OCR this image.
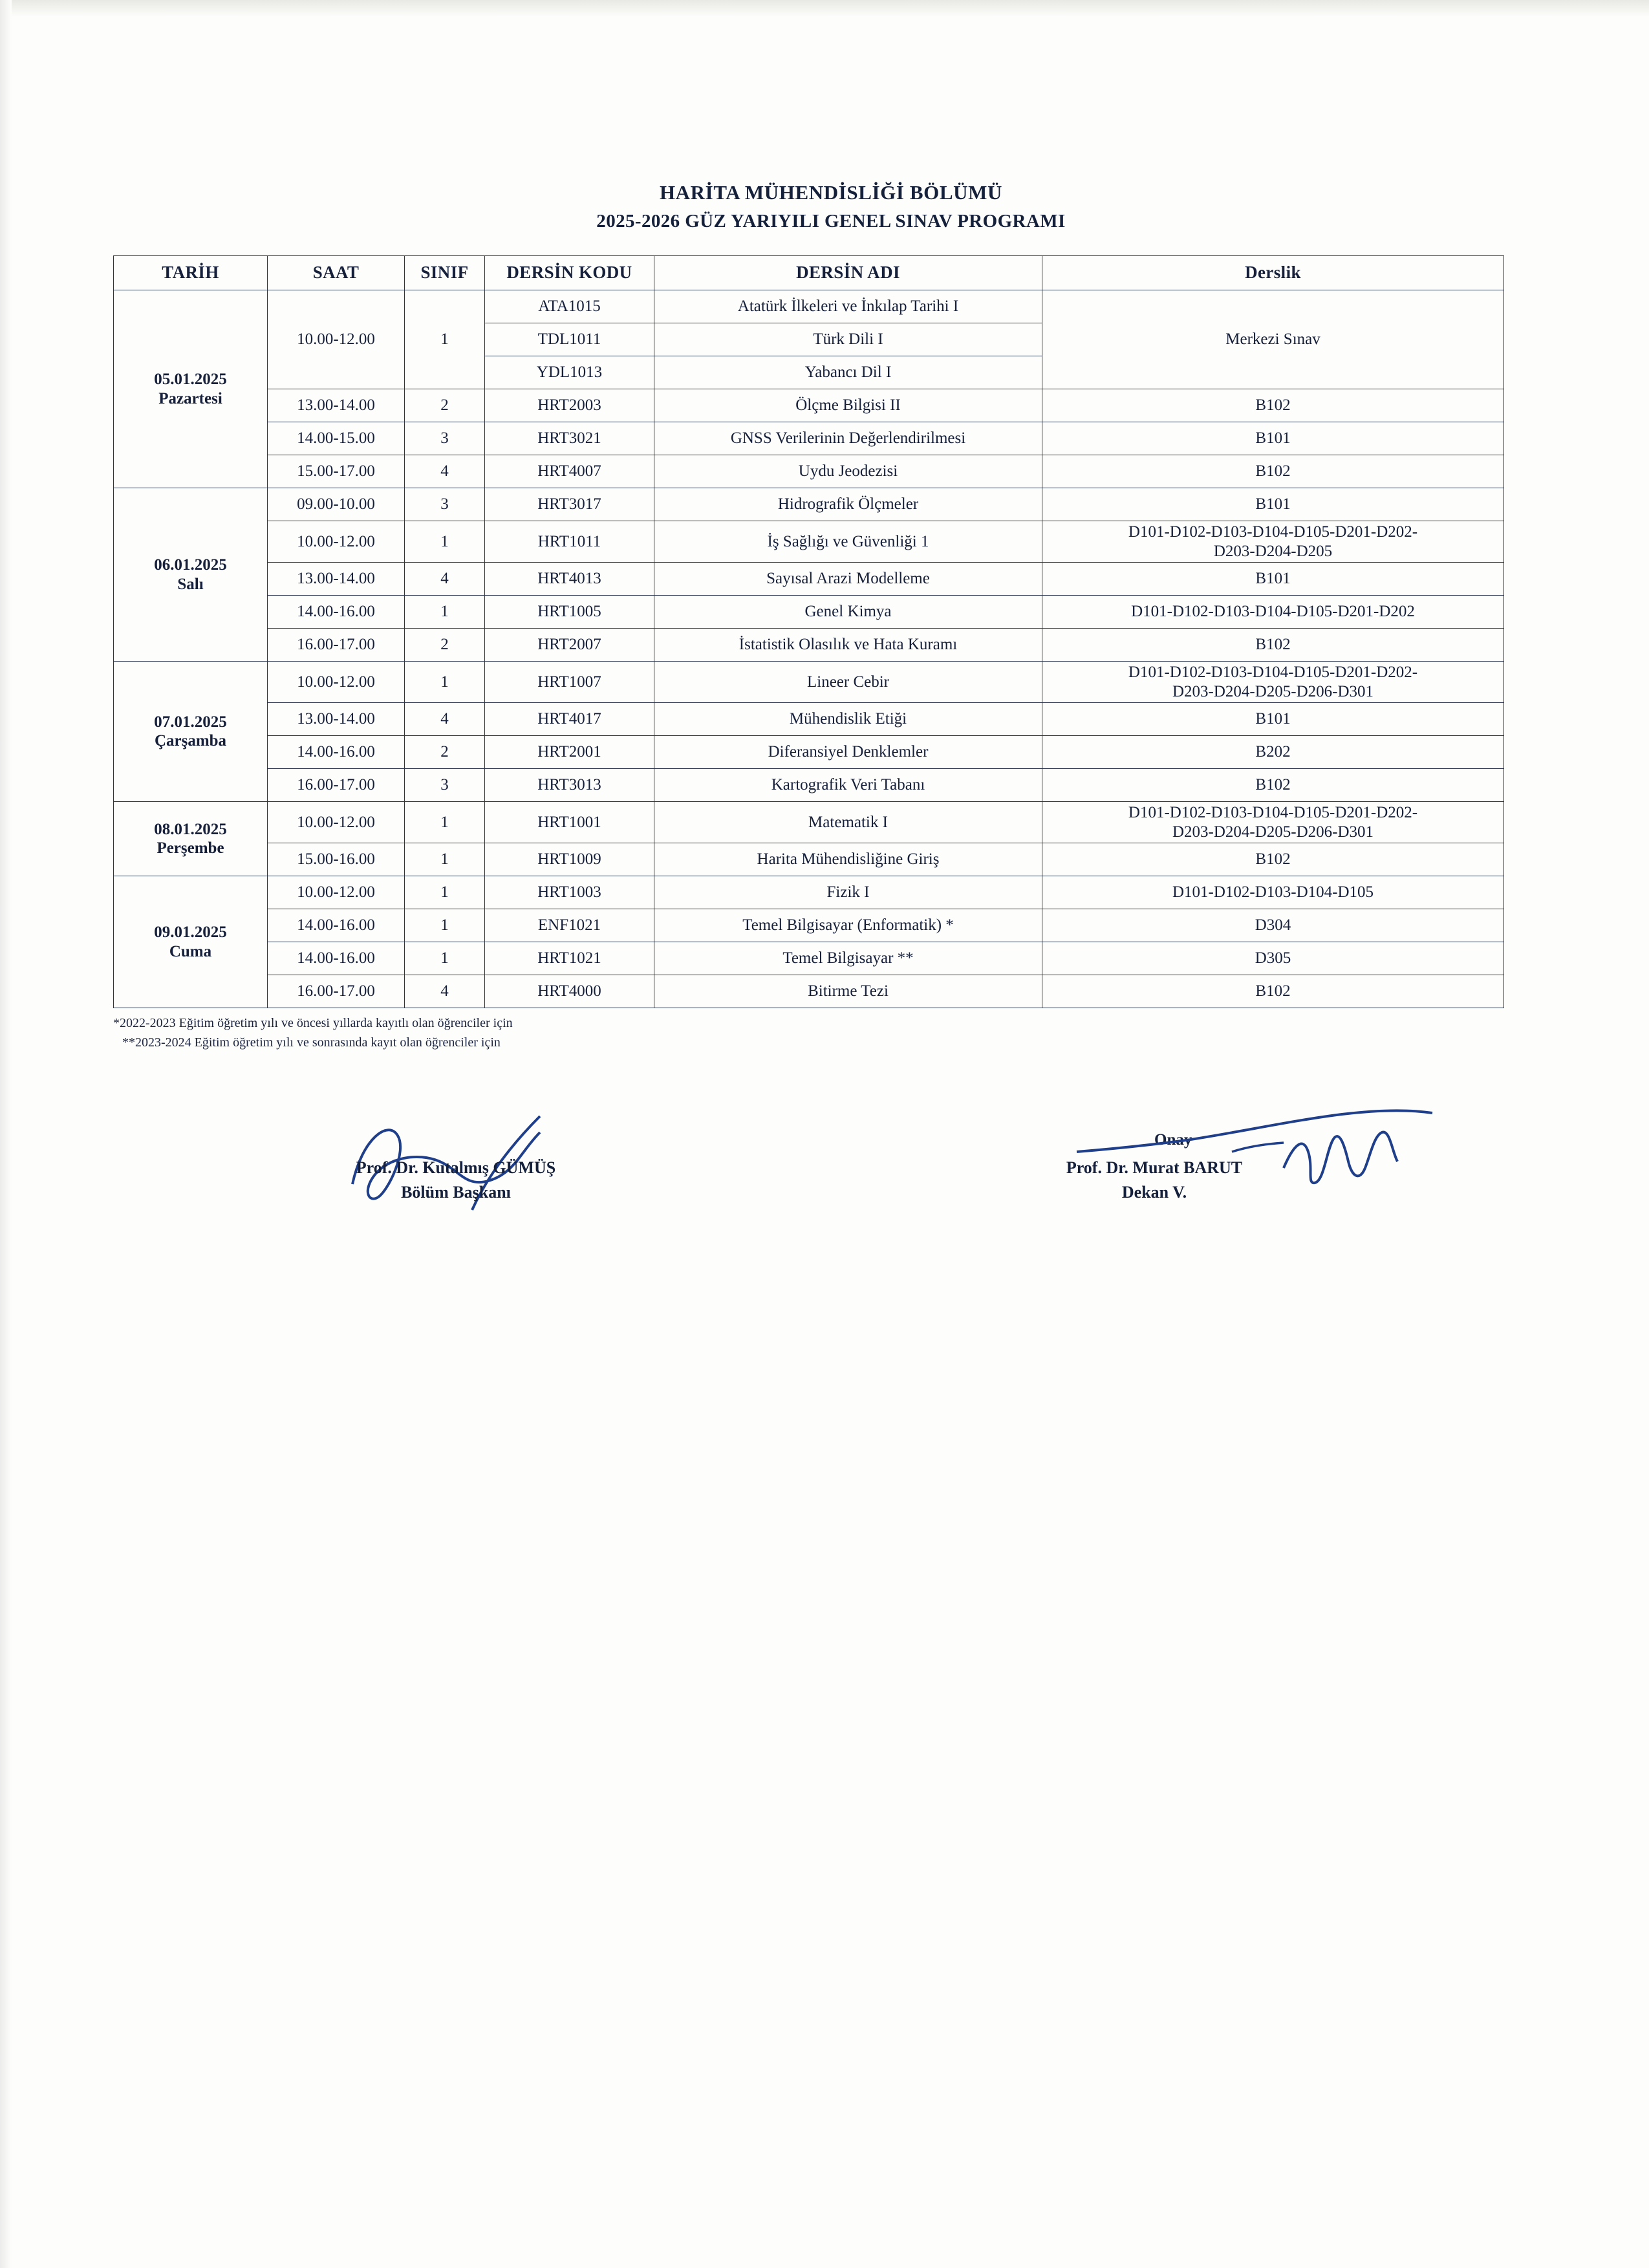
HARİTA MÜHENDİSLİĞİ BÖLÜMÜ
2025-2026 GÜZ YARIYILI GENEL SINAV PROGRAMI
TARİH	SAAT	SINIF	DERSİN KODU	DERSİN ADI	Derslik
05.01.2025
Pazartesi	10.00-12.00	1	ATA1015	Atatürk İlkeleri ve İnkılap Tarihi I	Merkezi Sınav
			TDL1011	Türk Dili I	
			YDL1013	Yabancı Dil I	
	13.00-14.00	2	HRT2003	Ölçme Bilgisi II	B102
	14.00-15.00	3	HRT3021	GNSS Verilerinin Değerlendirilmesi	B101
	15.00-17.00	4	HRT4007	Uydu Jeodezisi	B102
06.01.2025
Salı	09.00-10.00	3	HRT3017	Hidrografik Ölçmeler	B101
	10.00-12.00	1	HRT1011	İş Sağlığı ve Güvenliği 1	D101-D102-D103-D104-D105-D201-D202-
D203-D204-D205
	13.00-14.00	4	HRT4013	Sayısal Arazi Modelleme	B101
	14.00-16.00	1	HRT1005	Genel Kimya	D101-D102-D103-D104-D105-D201-D202
	16.00-17.00	2	HRT2007	İstatistik Olasılık ve Hata Kuramı	B102
07.01.2025
Çarşamba	10.00-12.00	1	HRT1007	Lineer Cebir	D101-D102-D103-D104-D105-D201-D202-
D203-D204-D205-D206-D301
	13.00-14.00	4	HRT4017	Mühendislik Etiği	B101
	14.00-16.00	2	HRT2001	Diferansiyel Denklemler	B202
	16.00-17.00	3	HRT3013	Kartografik Veri Tabanı	B102
08.01.2025
Perşembe	10.00-12.00	1	HRT1001	Matematik I	D101-D102-D103-D104-D105-D201-D202-
D203-D204-D205-D206-D301
	15.00-16.00	1	HRT1009	Harita Mühendisliğine Giriş	B102
09.01.2025
Cuma	10.00-12.00	1	HRT1003	Fizik I	D101-D102-D103-D104-D105
	14.00-16.00	1	ENF1021	Temel Bilgisayar (Enformatik) *	D304
	14.00-16.00	1	HRT1021	Temel Bilgisayar **	D305
	16.00-17.00	4	HRT4000	Bitirme Tezi	B102
*2022-2023 Eğitim öğretim yılı ve öncesi yıllarda kayıtlı olan öğrenciler için
**2023-2024 Eğitim öğretim yılı ve sonrasında kayıt olan öğrenciler için
Onay
Prof. Dr. Kutalmış GÜMÜŞ
Bölüm Başkanı
Prof. Dr. Murat BARUT
Dekan V.
